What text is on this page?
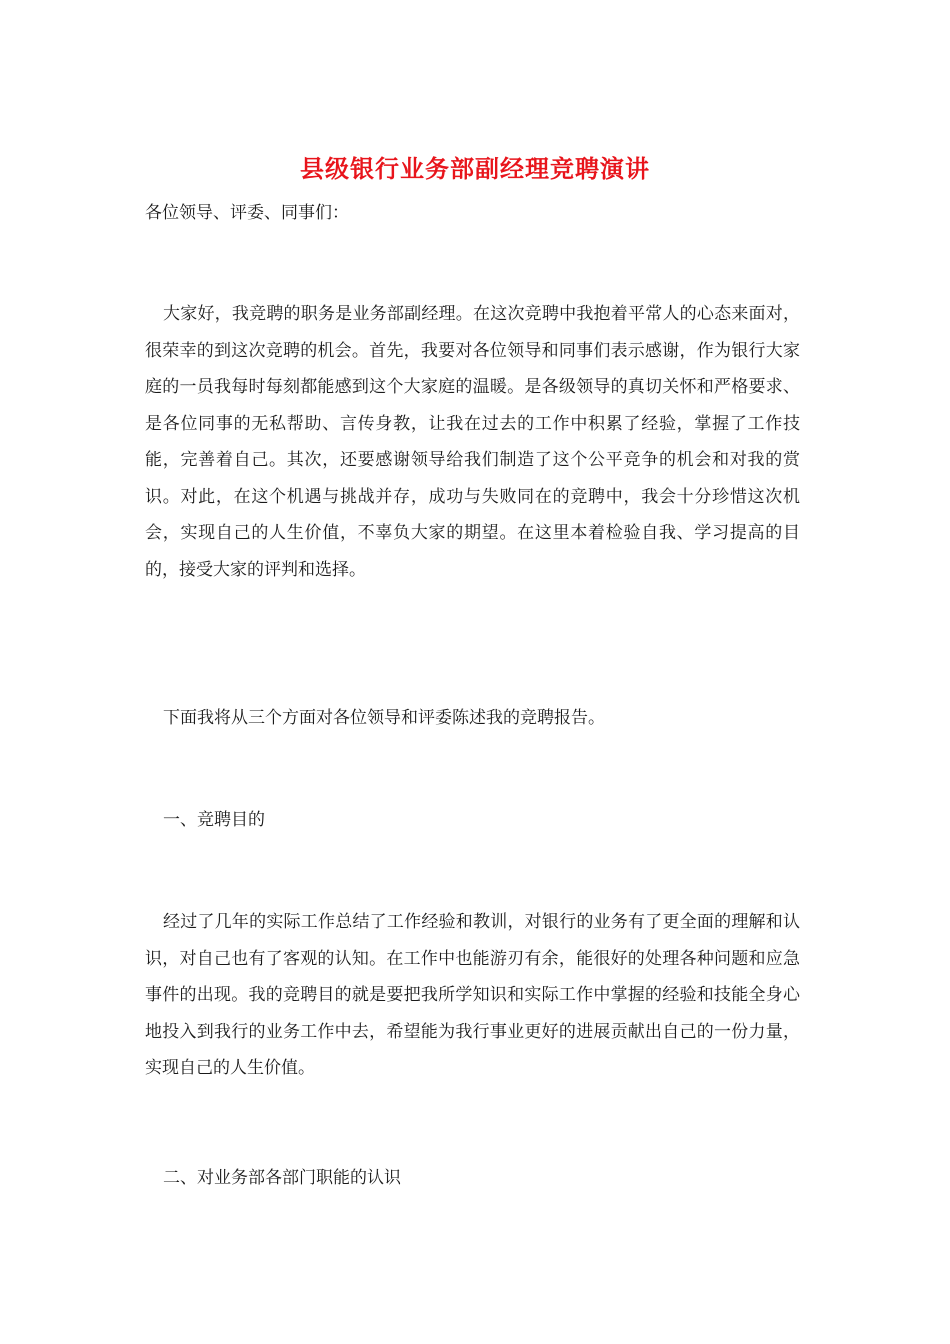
县级银行业务部副经理竞聘演讲

各位领导、评委、同事们：

大家好，我竞聘的职务是业务部副经理。在这次竞聘中我抱着平常人的心态来面对，很荣幸的到这次竞聘的机会。首先，我要对各位领导和同事们表示感谢，作为银行大家庭的一员我每时每刻都能感到这个大家庭的温暖。是各级领导的真切关怀和严格要求、是各位同事的无私帮助、言传身教，让我在过去的工作中积累了经验，掌握了工作技能，完善着自己。其次，还要感谢领导给我们制造了这个公平竞争的机会和对我的赏识。对此，在这个机遇与挑战并存，成功与失败同在的竞聘中，我会十分珍惜这次机会，实现自己的人生价值，不辜负大家的期望。在这里本着检验自我、学习提高的目的，接受大家的评判和选择。

下面我将从三个方面对各位领导和评委陈述我的竞聘报告。

一、竞聘目的

经过了几年的实际工作总结了工作经验和教训，对银行的业务有了更全面的理解和认识，对自己也有了客观的认知。在工作中也能游刃有余，能很好的处理各种问题和应急事件的出现。我的竞聘目的就是要把我所学知识和实际工作中掌握的经验和技能全身心地投入到我行的业务工作中去，希望能为我行事业更好的进展贡献出自己的一份力量，实现自己的人生价值。

二、对业务部各部门职能的认识
